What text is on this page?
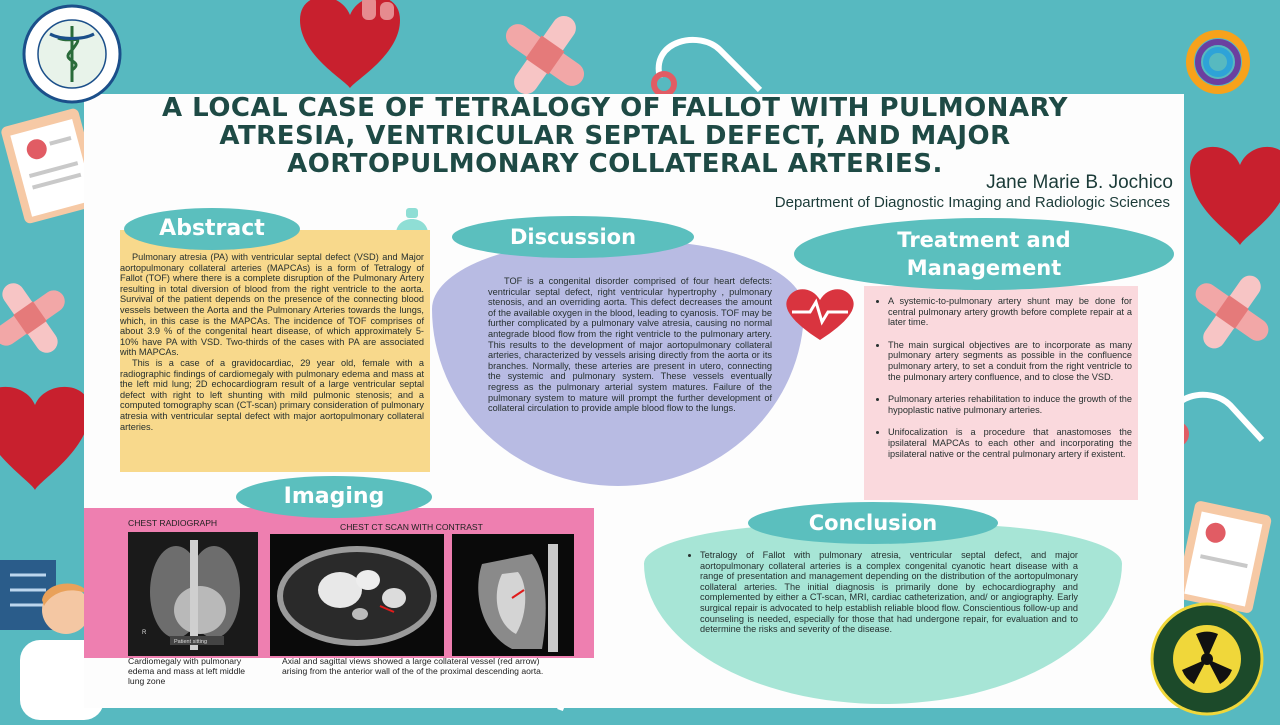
A LOCAL CASE OF TETRALOGY OF FALLOT WITH PULMONARY ATRESIA, VENTRICULAR SEPTAL DEFECT, AND MAJOR AORTOPULMONARY COLLATERAL ARTERIES.
Jane Marie B. Jochico
Department of Diagnostic Imaging and Radiologic Sciences
Abstract
Pulmonary atresia (PA) with ventricular septal defect (VSD) and Major aortopulmonary collateral arteries (MAPCAs) is a form of Tetralogy of Fallot (TOF) where there is a complete disruption of the Pulmonary Artery resulting in total diversion of blood from the right ventricle to the aorta. Survival of the patient depends on the presence of the connecting blood vessels between the Aorta and the Pulmonary Arteries towards the lungs, which, in this case is the MAPCAs. The incidence of TOF comprises of about 3.9 % of the congenital heart disease, of which approximately 5-10% have PA with VSD. Two-thirds of the cases with PA are associated with MAPCAs.
This is a case of a gravidocardiac, 29 year old, female with a radiographic findings of cardiomegaly with pulmonary edema and mass at the left mid lung; 2D echocardiogram result of a large ventricular septal defect with right to left shunting with mild pulmonic stenosis; and a computed tomography scan (CT-scan) primary consideration of pulmonary atresia with ventricular septal defect with major aortopulmonary collateral arteries.
Discussion
TOF is a congenital disorder comprised of four heart defects: ventricular septal defect, right ventricular hypertrophy , pulmonary stenosis, and an overriding aorta. This defect decreases the amount of the available oxygen in the blood, leading to cyanosis. TOF may be further complicated by a pulmonary valve atresia, causing no normal antegrade blood flow from the right ventricle to the pulmonary artery. This results to the development of major aortopulmonary collateral arteries, characterized by vessels arising directly from the aorta or its branches. Normally, these arteries are present in utero, connecting the systemic and pulmonary system. These vessels eventually regress as the pulmonary arterial system matures. Failure of the pulmonary system to mature will prompt the further development of collateral circulation to provide ample blood flow to the lungs.
Treatment and
Management
• A systemic-to-pulmonary artery shunt may be done for central pulmonary artery growth before complete repair at a later time.
• The main surgical objectives are to incorporate as many pulmonary artery segments as possible in the confluence pulmonary artery, to set a conduit from the right ventricle to the pulmonary artery confluence, and to close the VSD.
• Pulmonary arteries rehabilitation to induce the growth of the hypoplastic native pulmonary arteries.
• Unifocalization is a procedure that anastomoses the ipsilateral MAPCAs to each other and incorporating the ipsilateral native or the central pulmonary artery if existent.
Imaging
CHEST RADIOGRAPH	CHEST CT SCAN WITH CONTRAST
R
Patient sitting
Cardiomegaly with pulmonary edema and mass at left middle lung zone
Axial and sagittal views showed a large collateral vessel (red arrow) arising from the anterior wall of the of the proximal descending aorta.
Conclusion
• Tetralogy of Fallot with pulmonary atresia, ventricular septal defect, and major aortopulmonary collateral arteries is a complex congenital cyanotic heart disease with a range of presentation and management depending on the distribution of the aortopulmonary collateral arteries. The initial diagnosis is primarily done by echocardiography and complemented by either a CT-scan, MRI, cardiac catheterization, and/ or angiography. Early surgical repair is advocated to help establish reliable blood flow. Conscientious follow-up and counseling is needed, especially for those that had undergone repair, for evaluation and to determine the risks and severity of the disease.
